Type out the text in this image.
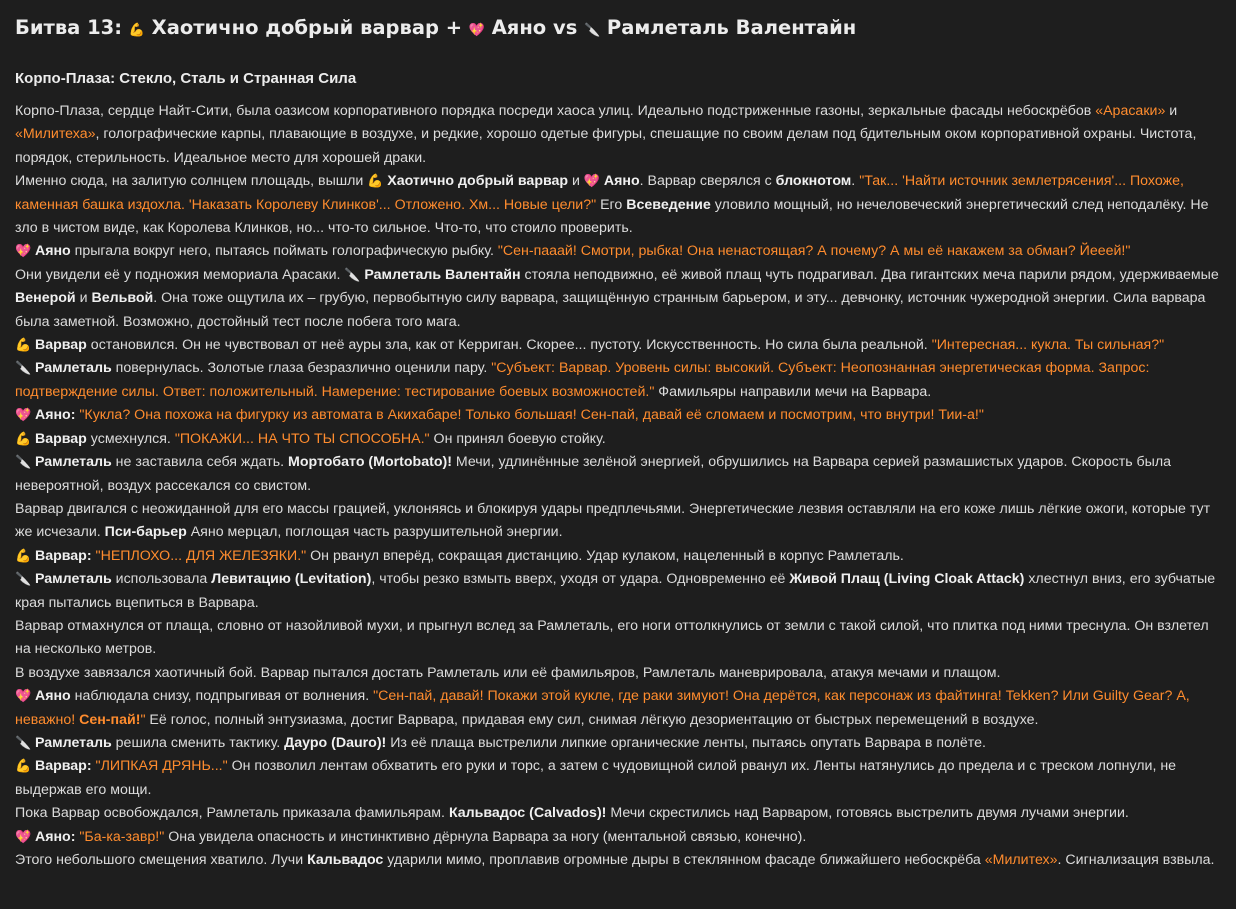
Битва 13: 💪 Хаотично добрый варвар + 💖 Аяно vs 🔪 Рамлеталь Валентайн
Корпо-Плаза: Стекло, Сталь и Странная Сила

Корпо-Плаза, сердце Найт-Сити, была оазисом корпоративного порядка посреди хаоса улиц. Идеально подстриженные газоны, зеркальные фасады небоскрёбов «Арасаки» и «Милитеха», голографические карпы, плавающие в воздухе, и редкие, хорошо одетые фигуры, спешащие по своим делам под бдительным оком корпоративной охраны. Чистота, порядок, стерильность. Идеальное место для хорошей драки.

Именно сюда, на залитую солнцем площадь, вышли 💪 Хаотично добрый варвар и 💖 Аяно. Варвар сверялся с блокнотом. "Так... 'Найти источник землетрясения'... Похоже, каменная башка издохла. 'Наказать Королеву Клинков'... Отложено. Хм... Новые цели?" Его Всеведение уловило мощный, но нечеловеческий энергетический след неподалёку. Не зло в чистом виде, как Королева Клинков, но... что-то сильное. Что-то, что стоило проверить.

💖 Аяно прыгала вокруг него, пытаясь поймать голографическую рыбку. "Сен-пааай! Смотри, рыбка! Она ненастоящая? А почему? А мы её накажем за обман? Йееей!"

Они увидели её у подножия мемориала Арасаки. 🔪 Рамлеталь Валентайн стояла неподвижно, её живой плащ чуть подрагивал. Два гигантских меча парили рядом, удерживаемые Венерой и Вельвой. Она тоже ощутила их – грубую, первобытную силу варвара, защищённую странным барьером, и эту... девчонку, источник чужеродной энергии. Сила варвара была заметной. Возможно, достойный тест после побега того мага.

💪 Варвар остановился. Он не чувствовал от неё ауры зла, как от Керриган. Скорее... пустоту. Искусственность. Но сила была реальной. "Интересная... кукла. Ты сильная?"

🔪 Рамлеталь повернулась. Золотые глаза безразлично оценили пару. "Субъект: Варвар. Уровень силы: высокий. Субъект: Неопознанная энергетическая форма. Запрос: подтверждение силы. Ответ: положительный. Намерение: тестирование боевых возможностей." Фамильяры направили мечи на Варвара.

💖 Аяно: "Кукла? Она похожа на фигурку из автомата в Акихабаре! Только большая! Сен-пай, давай её сломаем и посмотрим, что внутри! Тии-а!"

💪 Варвар усмехнулся. "ПОКАЖИ... НА ЧТО ТЫ СПОСОБНА." Он принял боевую стойку.

🔪 Рамлеталь не заставила себя ждать. Мортобато (Mortobato)! Мечи, удлинённые зелёной энергией, обрушились на Варвара серией размашистых ударов. Скорость была невероятной, воздух рассекался со свистом.

Варвар двигался с неожиданной для его массы грацией, уклоняясь и блокируя удары предплечьями. Энергетические лезвия оставляли на его коже лишь лёгкие ожоги, которые тут же исчезали. Пси-барьер Аяно мерцал, поглощая часть разрушительной энергии.

💪 Варвар: "НЕПЛОХО... ДЛЯ ЖЕЛЕЗЯКИ." Он рванул вперёд, сокращая дистанцию. Удар кулаком, нацеленный в корпус Рамлеталь.

🔪 Рамлеталь использовала Левитацию (Levitation), чтобы резко взмыть вверх, уходя от удара. Одновременно её Живой Плащ (Living Cloak Attack) хлестнул вниз, его зубчатые края пытались вцепиться в Варвара.

Варвар отмахнулся от плаща, словно от назойливой мухи, и прыгнул вслед за Рамлеталь, его ноги оттолкнулись от земли с такой силой, что плитка под ними треснула. Он взлетел на несколько метров.

В воздухе завязался хаотичный бой. Варвар пытался достать Рамлеталь или её фамильяров, Рамлеталь маневрировала, атакуя мечами и плащом.

💖 Аяно наблюдала снизу, подпрыгивая от волнения. "Сен-пай, давай! Покажи этой кукле, где раки зимуют! Она дерётся, как персонаж из файтинга! Tekken? Или Guilty Gear? А, неважно! Сен-пай!" Её голос, полный энтузиазма, достиг Варвара, придавая ему сил, снимая лёгкую дезориентацию от быстрых перемещений в воздухе.

🔪 Рамлеталь решила сменить тактику. Дауро (Dauro)! Из её плаща выстрелили липкие органические ленты, пытаясь опутать Варвара в полёте.

💪 Варвар: "ЛИПКАЯ ДРЯНЬ..." Он позволил лентам обхватить его руки и торс, а затем с чудовищной силой рванул их. Ленты натянулись до предела и с треском лопнули, не выдержав его мощи.

Пока Варвар освобождался, Рамлеталь приказала фамильярам. Кальвадос (Calvados)! Мечи скрестились над Варваром, готовясь выстрелить двумя лучами энергии.

💖 Аяно: "Ба-ка-завр!" Она увидела опасность и инстинктивно дёрнула Варвара за ногу (ментальной связью, конечно).

Этого небольшого смещения хватило. Лучи Кальвадос ударили мимо, проплавив огромные дыры в стеклянном фасаде ближайшего небоскрёба «Милитех». Сигнализация взвыла.
